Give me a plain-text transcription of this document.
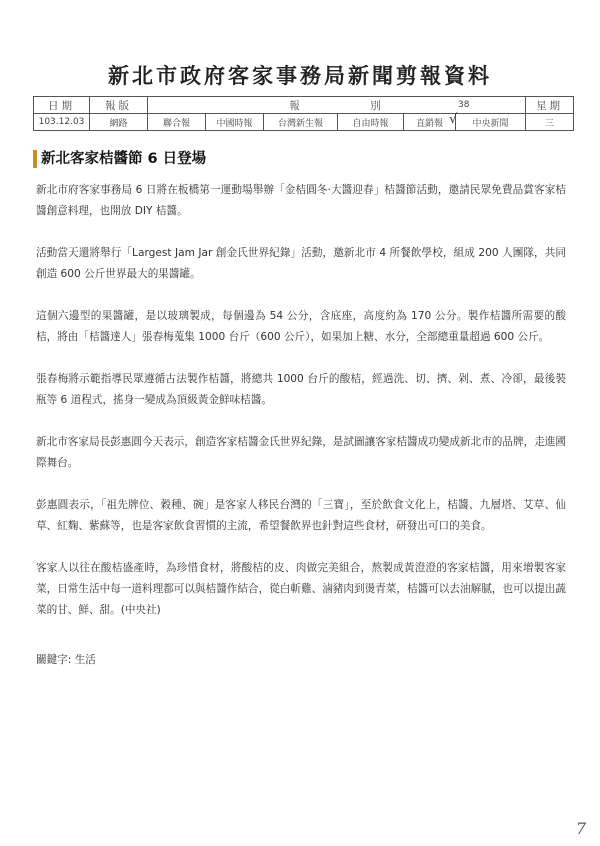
新北市政府客家事務局新聞剪報資料
日期	報版	報　　　　　別						星期
103.12.03	網路	聯合報	中國時報	台灣新生報	自由時報	直銷報	中央新聞	三
38
√
新北客家桔醬節 6 日登場

新北市府客家事務局 6 日將在板橋第一運動場舉辦「金桔圓冬‧大醬迎春」桔醬節活動，邀請民眾免費品賞客家桔醬創意料理，也開放 DIY 桔醬。

活動當天還將舉行「Largest Jam Jar 創金氏世界紀錄」活動，邀新北市 4 所餐飲學校，組成 200 人團隊，共同創造 600 公斤世界最大的果醬罐。

這個六邊型的果醬罐，是以玻璃製成，每個邊為 54 公分，含底座，高度約為 170 公分。製作桔醬所需要的酸桔，將由「桔醬達人」張春梅蒐集 1000 台斤（600 公斤），如果加上糖、水分，全部總重量超過 600 公斤。

張春梅將示範指導民眾遵循古法製作桔醬，將總共 1000 台斤的酸桔，經過洗、切、擠、剁、煮、冷卻，最後裝瓶等 6 道程式，搖身一變成為頂級黃金鮮味桔醬。

新北市客家局長彭惠圓今天表示，創造客家桔醬金氏世界紀錄，是試圖讓客家桔醬成功變成新北市的品牌，走進國際舞台。

彭惠圓表示，「祖先牌位、穀種、碗」是客家人移民台灣的「三寶」，至於飲食文化上，桔醬、九層塔、艾草、仙草、紅麴、紫蘇等，也是客家飲食習慣的主流，希望餐飲界也針對這些食材，研發出可口的美食。

客家人以往在酸桔盛產時，為珍惜食材，將酸桔的皮、肉做完美組合，熬製成黃澄澄的客家桔醬，用來增製客家菜，日常生活中每一道料理都可以與桔醬作結合，從白斬雞、滷豬肉到燙青菜，桔醬可以去油解膩，也可以提出蔬菜的甘、鮮、甜。(中央社)

關鍵字: 生活
7
